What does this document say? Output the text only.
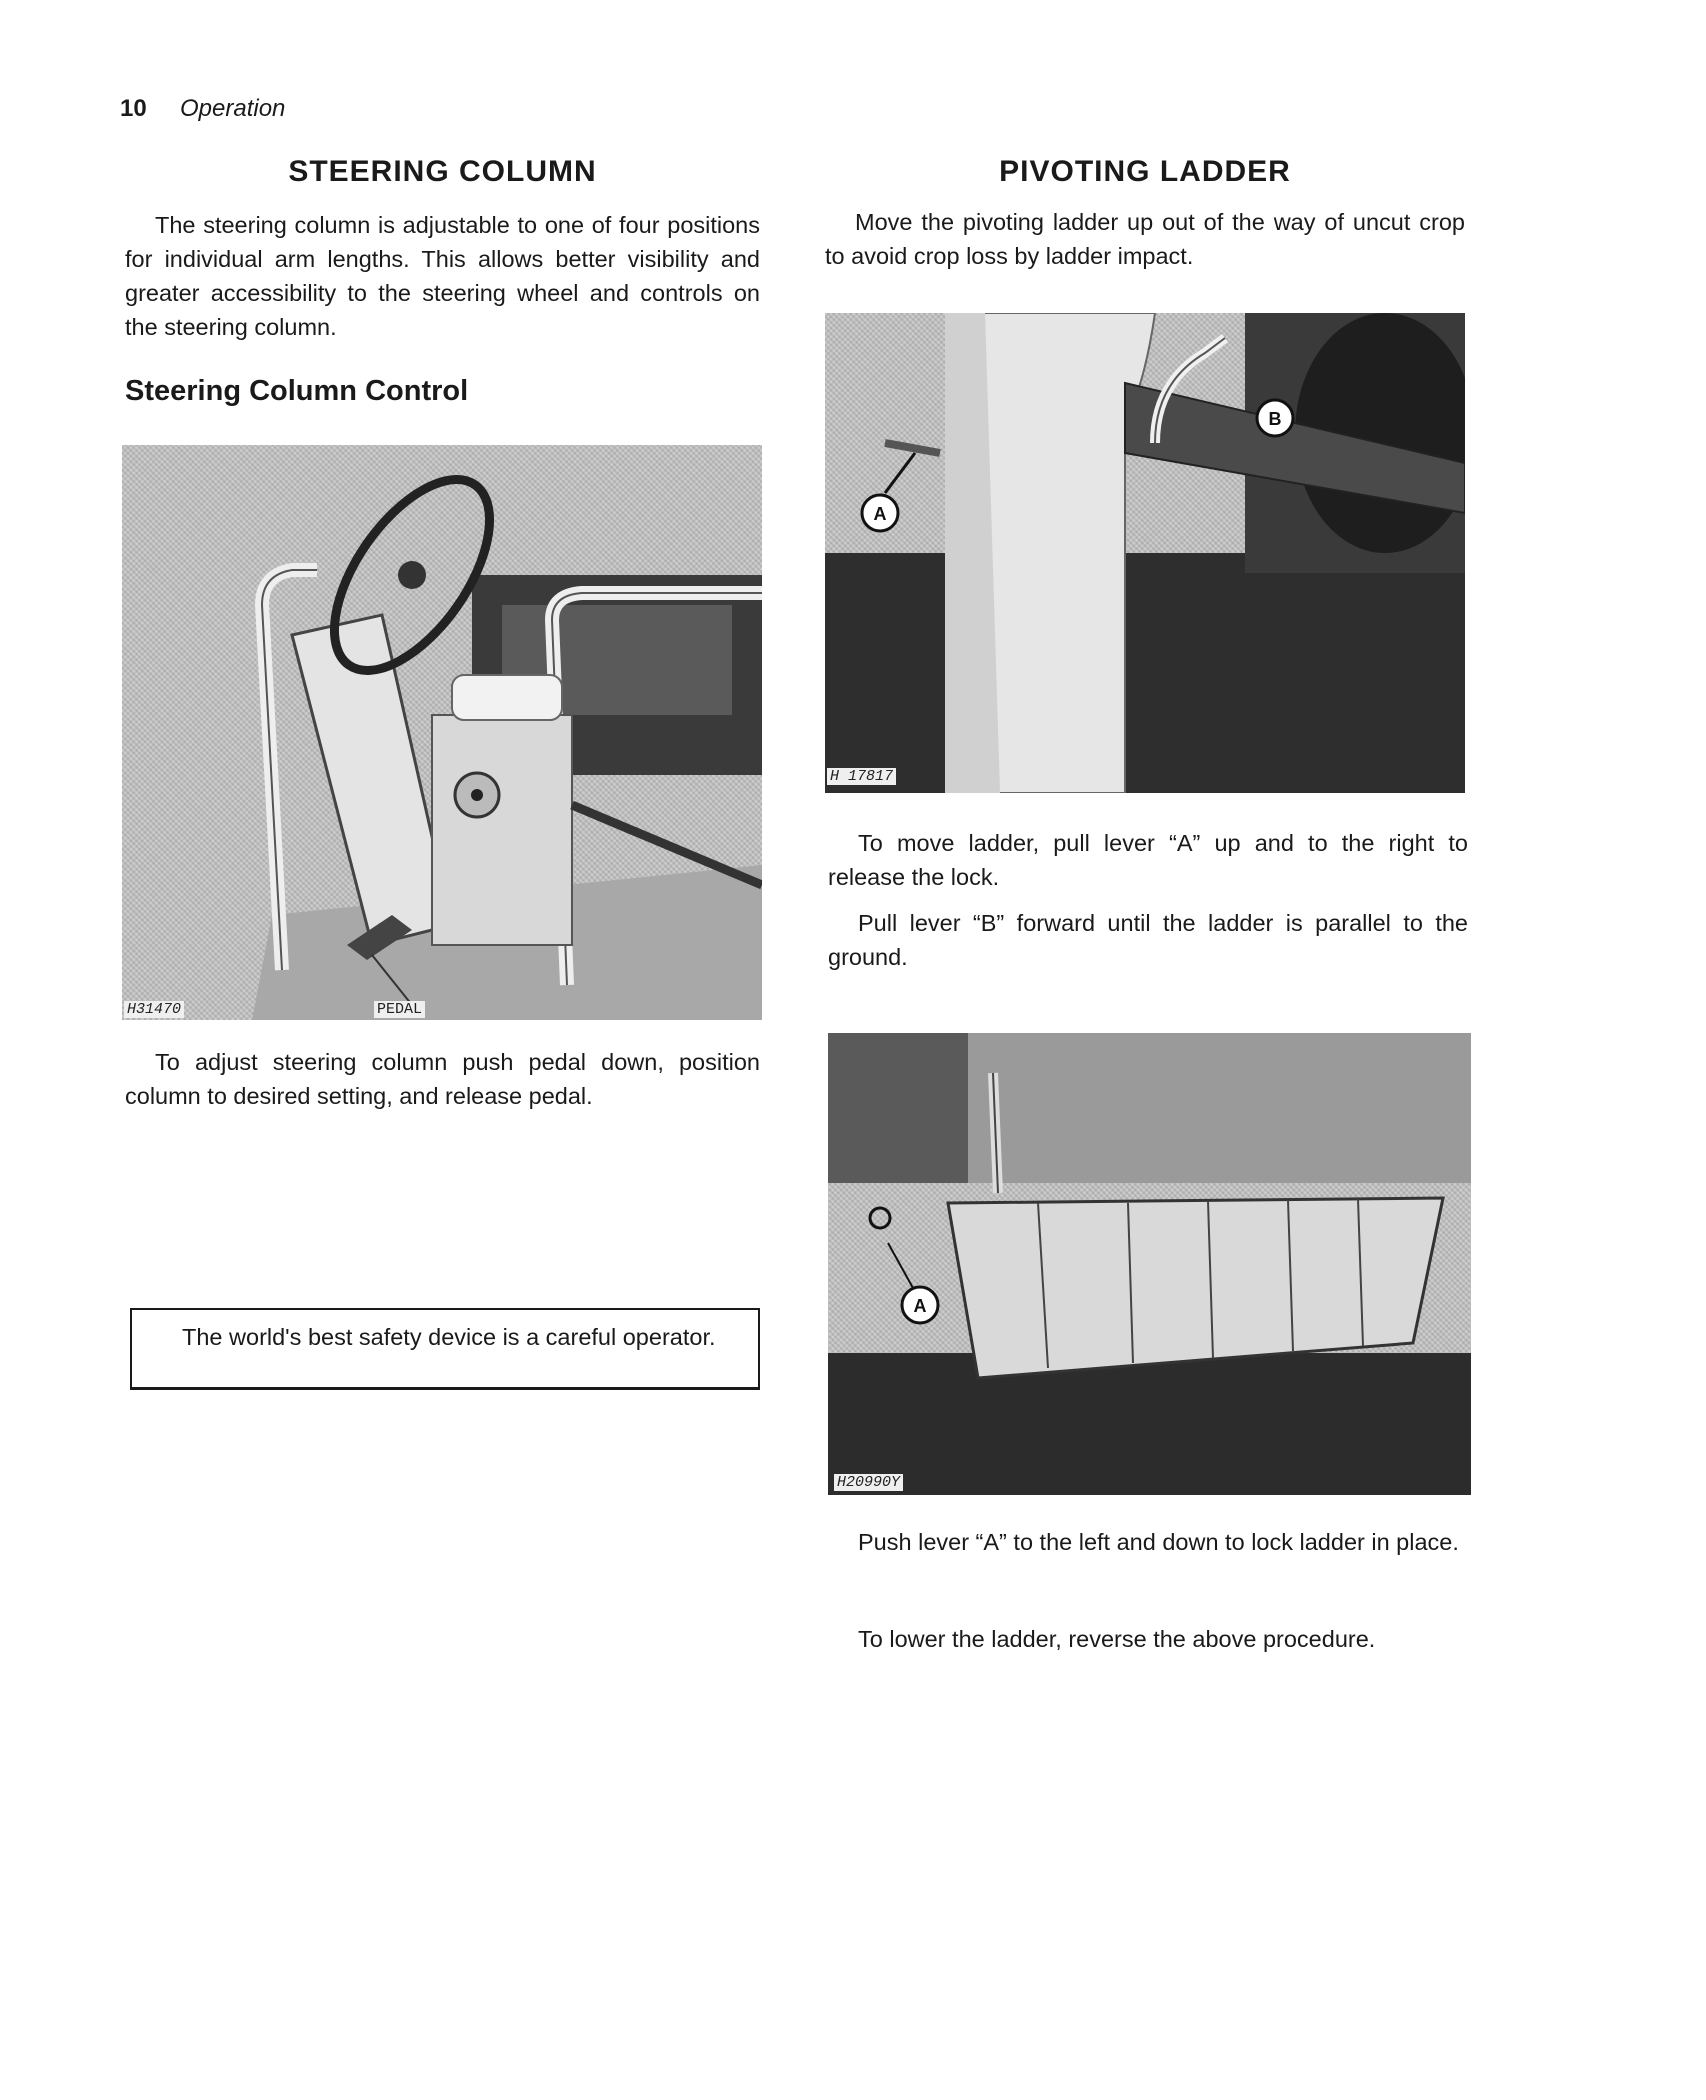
10 Operation
STEERING COLUMN

The steering column is adjustable to one of four positions for individual arm lengths. This allows better visibility and greater accessibility to the steering wheel and controls on the steering column.

Steering Column Control
H31470	PEDAL

To adjust steering column push pedal down, position column to desired setting, and release pedal.

The world's best safety device is a careful operator.
PIVOTING LADDER

Move the pivoting ladder up out of the way of uncut crop to avoid crop loss by ladder impact.

A
B
H 17817

To move ladder, pull lever “A” up and to the right to release the lock.

Pull lever “B” forward until the ladder is parallel to the ground.

A
H20990Y

Push lever “A” to the left and down to lock ladder in place.

To lower the ladder, reverse the above procedure.
